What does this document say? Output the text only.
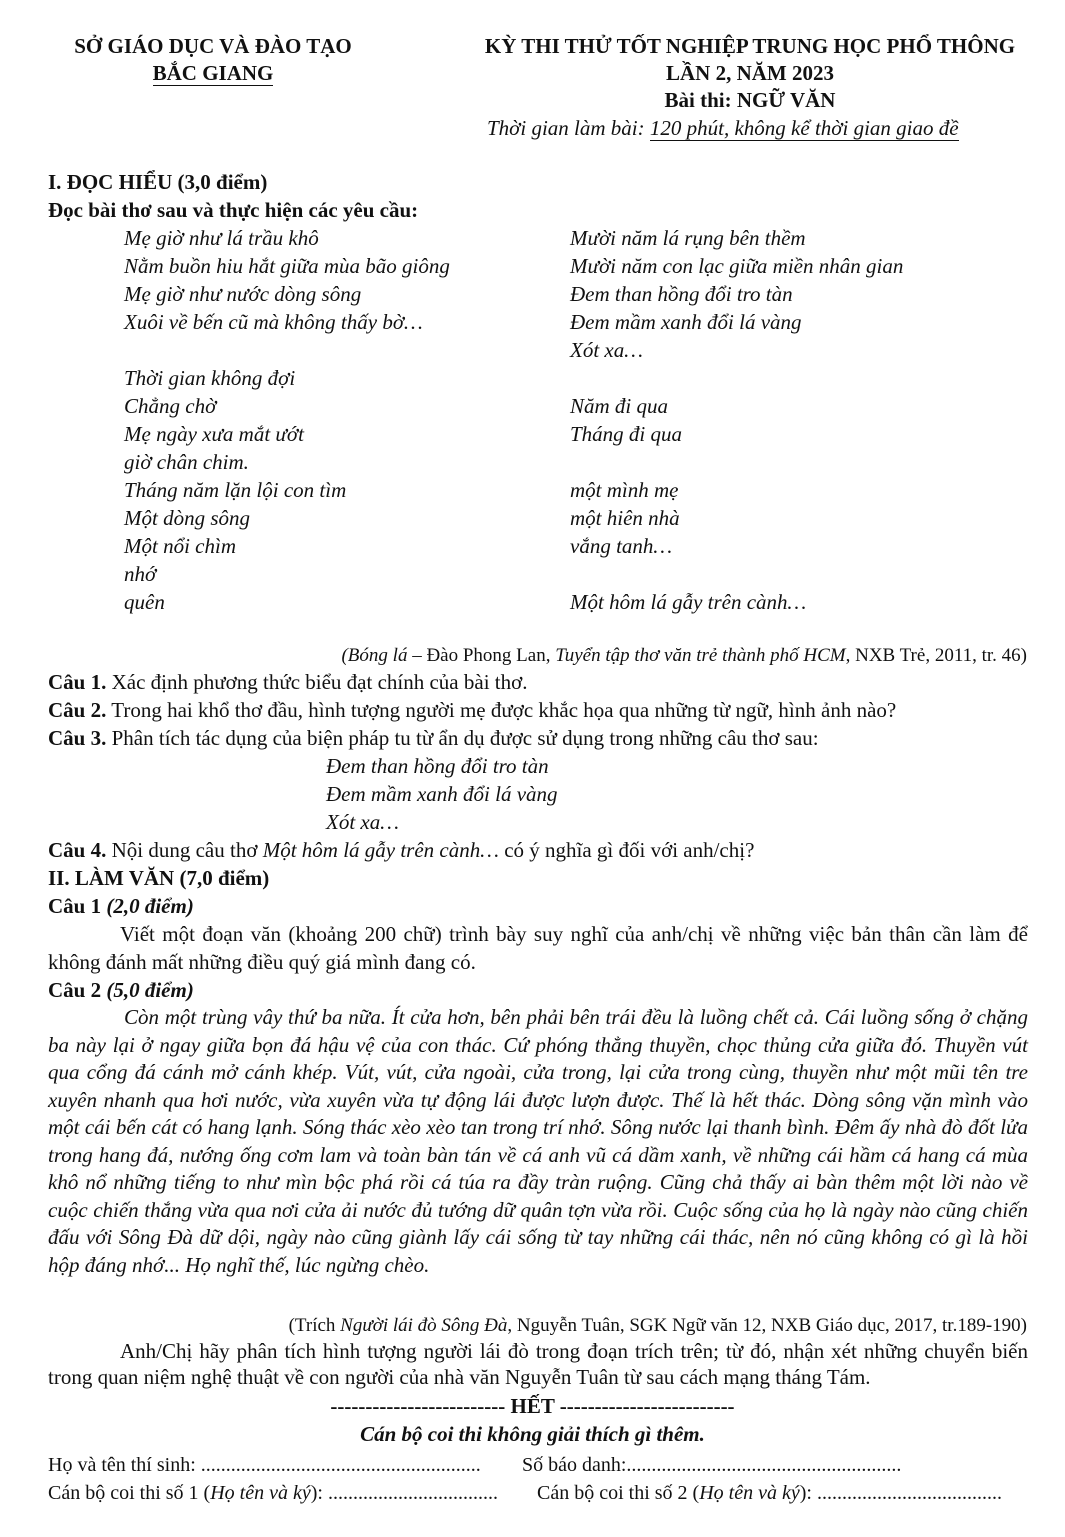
SỞ GIÁO DỤC VÀ ĐÀO TẠO
BẮC GIANG
KỲ THI THỬ TỐT NGHIỆP TRUNG HỌC PHỔ THÔNG
LẦN 2, NĂM 2023
Bài thi: NGỮ VĂN
Thời gian làm bài: 120 phút, không kể thời gian giao đề
I. ĐỌC HIỂU (3,0 điểm)
Đọc bài thơ sau và thực hiện các yêu cầu:
Mẹ giờ như lá trầu khô
Nằm buồn hiu hắt giữa mùa bão giông
Mẹ giờ như nước dòng sông
Xuôi về bến cũ mà không thấy bờ…
Thời gian không đợi
Chẳng chờ
Mẹ ngày xưa mắt ướt
giờ chân chim.
Tháng năm lặn lội con tìm
Một dòng sông
Một nổi chìm
nhớ
quên
Mười năm lá rụng bên thềm
Mười năm con lạc giữa miền nhân gian
Đem than hồng đổi tro tàn
Đem mầm xanh đổi lá vàng
Xót xa…
Năm đi qua
Tháng đi qua
một mình mẹ
một hiên nhà
vắng tanh…
Một hôm lá gẫy trên cành…
(Bóng lá – Đào Phong Lan, Tuyển tập thơ văn trẻ thành phố HCM, NXB Trẻ, 2011, tr. 46)
Câu 1. Xác định phương thức biểu đạt chính của bài thơ.
Câu 2. Trong hai khổ thơ đầu, hình tượng người mẹ được khắc họa qua những từ ngữ, hình ảnh nào?
Câu 3. Phân tích tác dụng của biện pháp tu từ ẩn dụ được sử dụng trong những câu thơ sau:
Đem than hồng đổi tro tàn
Đem mầm xanh đổi lá vàng
Xót xa…
Câu 4. Nội dung câu thơ Một hôm lá gẫy trên cành… có ý nghĩa gì đối với anh/chị?
II. LÀM VĂN (7,0 điểm)
Câu 1 (2,0 điểm)
Viết một đoạn văn (khoảng 200 chữ) trình bày suy nghĩ của anh/chị về những việc bản thân cần làm để không đánh mất những điều quý giá mình đang có.
Câu 2 (5,0 điểm)
Còn một trùng vây thứ ba nữa. Ít cửa hơn, bên phải bên trái đều là luồng chết cả. Cái luồng sống ở chặng ba này lại ở ngay giữa bọn đá hậu vệ của con thác. Cứ phóng thẳng thuyền, chọc thủng cửa giữa đó. Thuyền vút qua cổng đá cánh mở cánh khép. Vút, vút, cửa ngoài, cửa trong, lại cửa trong cùng, thuyền như một mũi tên tre xuyên nhanh qua hơi nước, vừa xuyên vừa tự động lái được lượn được. Thế là hết thác. Dòng sông vặn mình vào một cái bến cát có hang lạnh. Sóng thác xèo xèo tan trong trí nhớ. Sông nước lại thanh bình. Đêm ấy nhà đò đốt lửa trong hang đá, nướng ống cơm lam và toàn bàn tán về cá anh vũ cá dầm xanh, về những cái hầm cá hang cá mùa khô nổ những tiếng to như mìn bộc phá rồi cá túa ra đầy tràn ruộng. Cũng chả thấy ai bàn thêm một lời nào về cuộc chiến thắng vừa qua nơi cửa ải nước đủ tướng dữ quân tợn vừa rồi. Cuộc sống của họ là ngày nào cũng chiến đấu với Sông Đà dữ dội, ngày nào cũng giành lấy cái sống từ tay những cái thác, nên nó cũng không có gì là hồi hộp đáng nhớ... Họ nghĩ thế, lúc ngừng chèo.
(Trích Người lái đò Sông Đà, Nguyễn Tuân, SGK Ngữ văn 12, NXB Giáo dục, 2017, tr.189-190)
Anh/Chị hãy phân tích hình tượng người lái đò trong đoạn trích trên; từ đó, nhận xét những chuyển biến trong quan niệm nghệ thuật về con người của nhà văn Nguyễn Tuân từ sau cách mạng tháng Tám.
------------------------- HẾT -------------------------
Cán bộ coi thi không giải thích gì thêm.
Họ và tên thí sinh: ........................................................ Số báo danh:.......................................................
Cán bộ coi thi số 1 (Họ tên và ký): .................................. Cán bộ coi thi số 2 (Họ tên và ký): .....................................
